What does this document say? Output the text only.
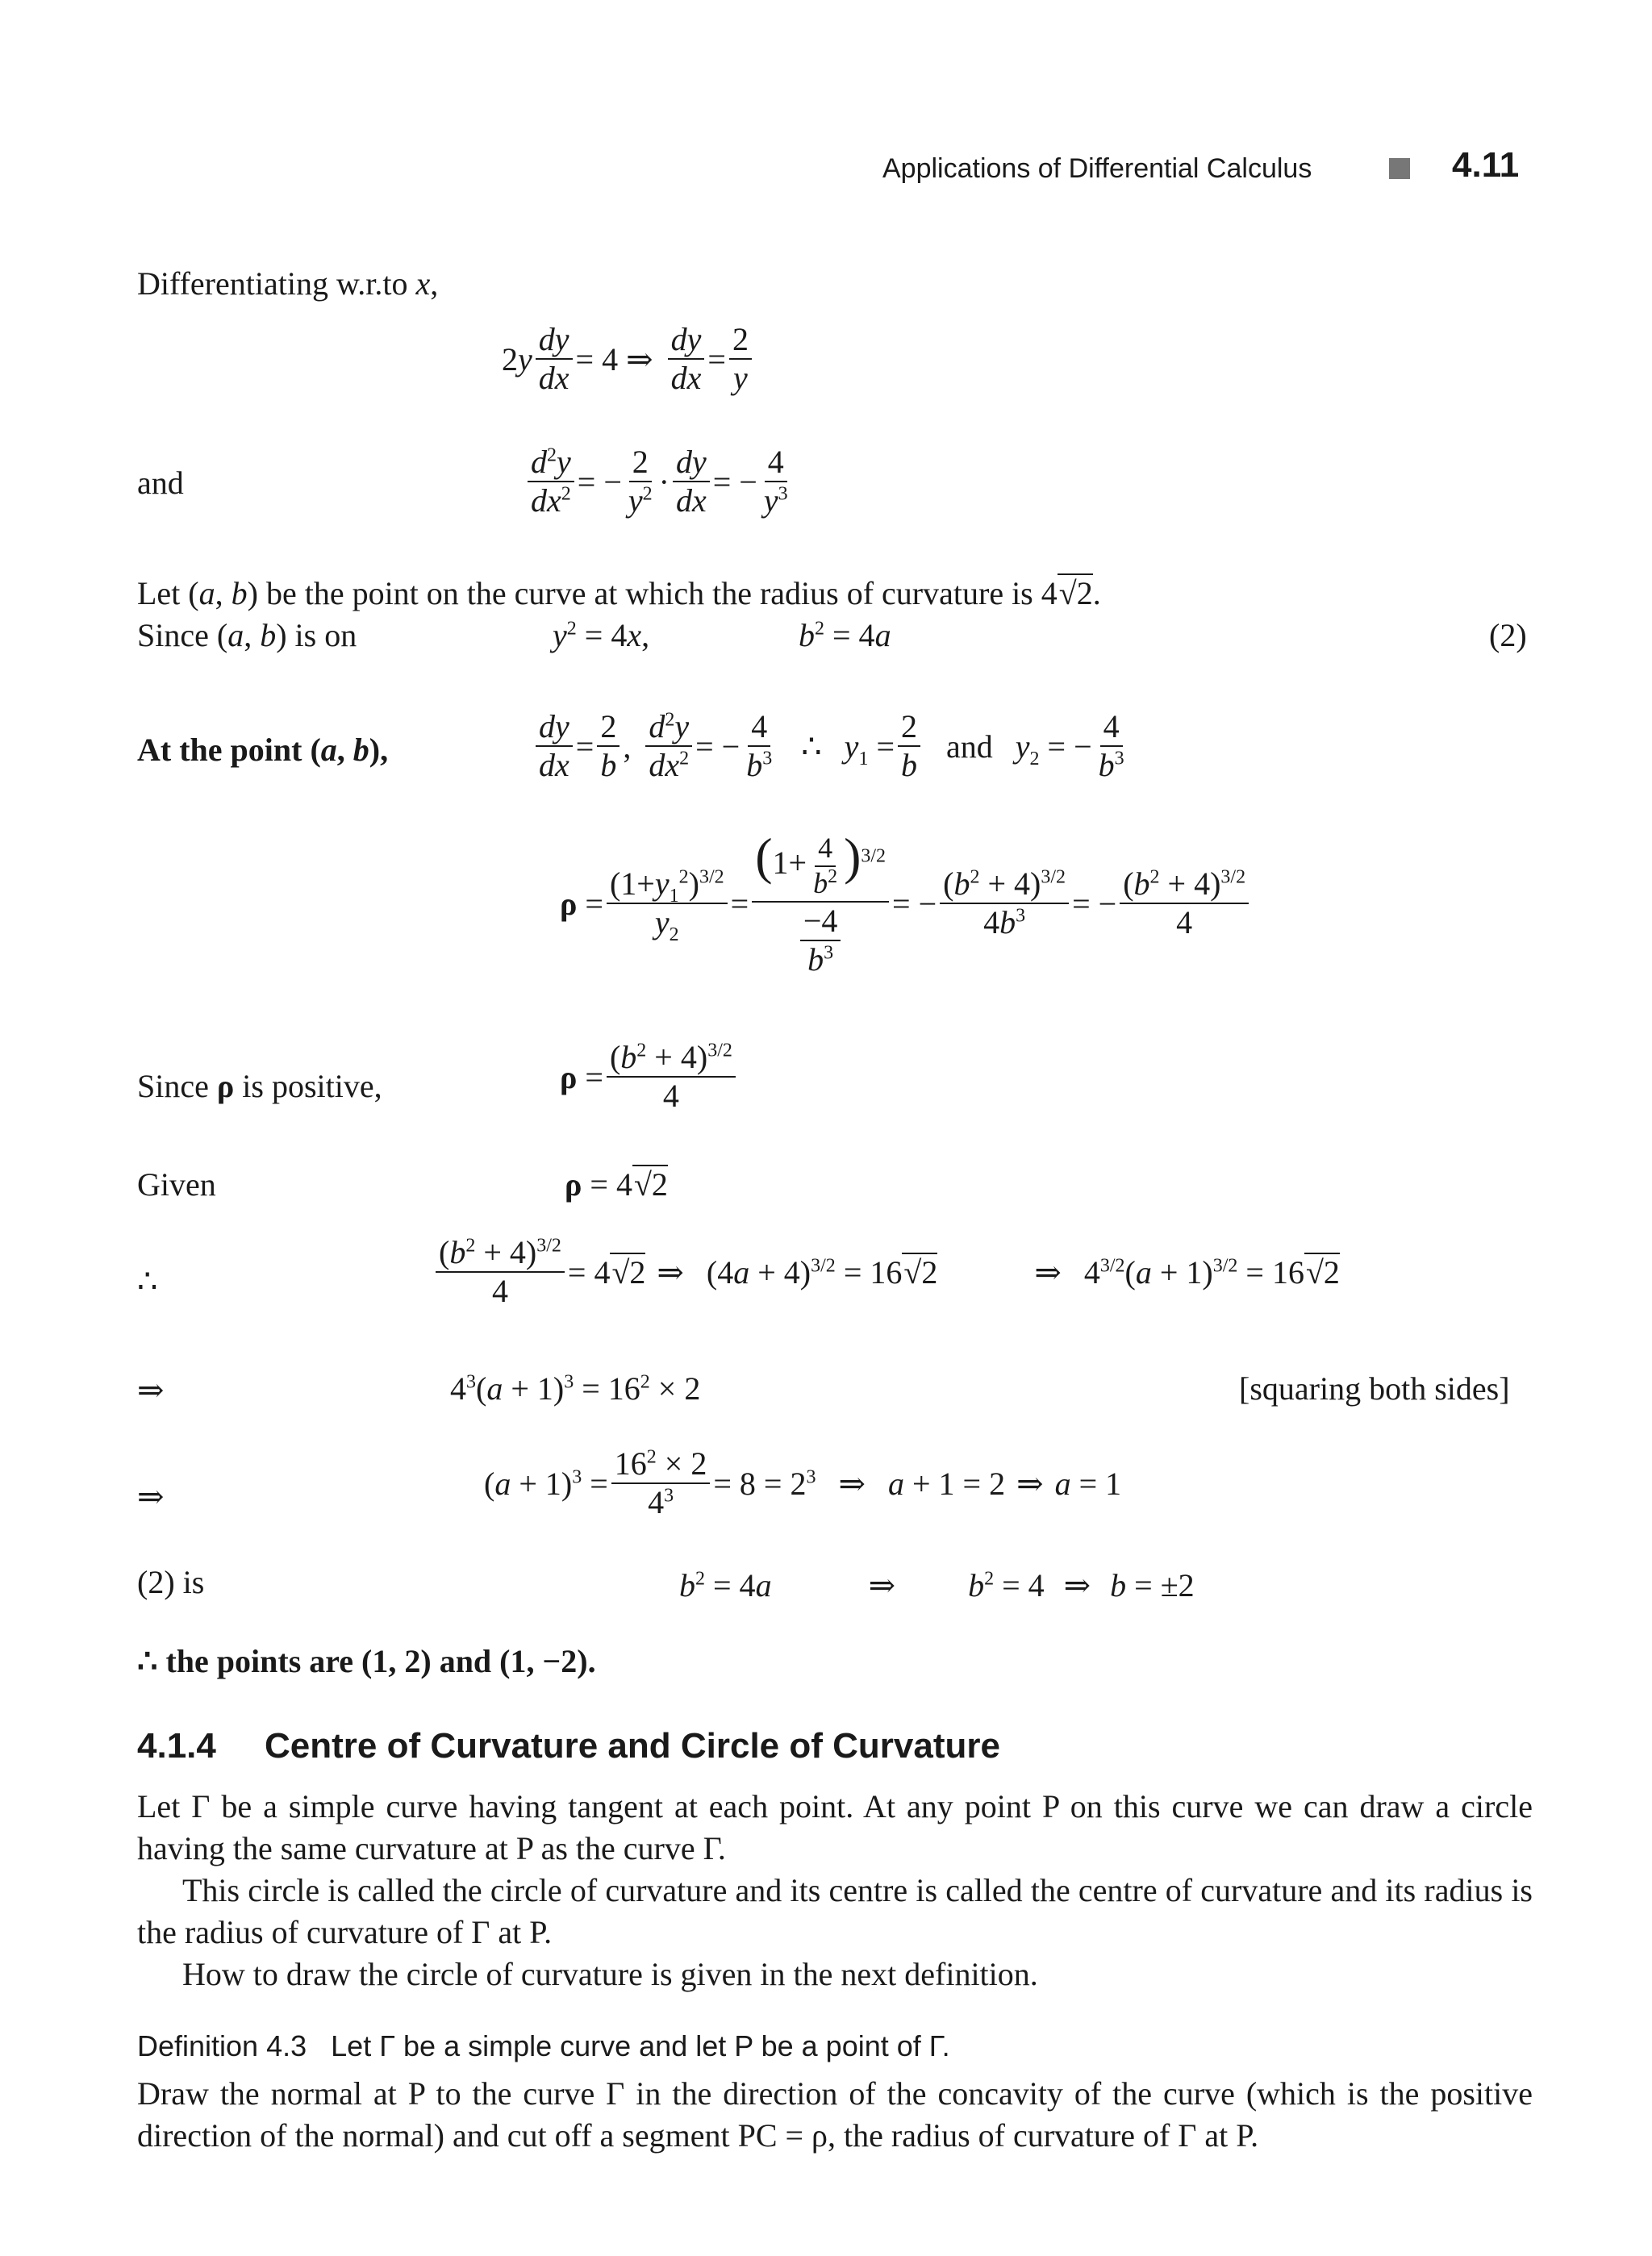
Applications of Differential Calculus	4.11
Differentiating w.r.to x,
$2y \frac{dy}{dx} = 4$ ⇒ $\frac{dy}{dx} = \frac{2}{y}$
and	$\frac{d^2y}{dx^2}$ = − $\frac{2}{y^2} \cdot \frac{dy}{dx}$ = − $\frac{4}{y^3}$
Let (a, b) be the point on the curve at which the radius of curvature is 4√2.
Since (a, b) is on	$y^2 = 4x$,	$b^2 = 4a$	(2)
At the point (a, b),	$\frac{dy}{dx} = \frac{2}{b}$ , $\frac{d^2y}{dx^2}$ = − $\frac{4}{b^3}$ ∴ $y_1 = \frac{2}{b}$ and $y_2$ = − $\frac{4}{b^3}$
$\rho = \frac{(1+y_1^2)^{3/2}}{y_2} = \frac{(1+ \frac{4}{b^2} )^{3/2}}{\frac{-4}{b^3}}$ = − $\frac{(b^2 + 4)^{3/2}}{4b^3}$ = − $\frac{(b^2 + 4)^{3/2}}{4}$
Since ρ is positive,	$\rho = \frac{(b^2 + 4)^{3/2}}{4}$
Given	ρ = 4√2
∴	$\frac{(b^2 + 4)^{3/2}}{4} = 4√2$ ⇒ $(4a + 4)^{3/2} = 16√2$	⇒ $4^{3/2}(a + 1)^{3/2} = 16√2$
⇒	$4^3(a + 1)^3 = 16^2 \times 2$	[squaring both sides]
⇒	$(a + 1)^3 = \frac{16^2 \times 2}{4^3} = 8 = 2^3$ ⇒ a + 1 = 2 ⇒ a = 1
(2) is	$b^2 = 4a$	⇒ $b^2 = 4$ ⇒ b = ±2
∴ the points are (1, 2) and (1, −2).
4.1.4 Centre of Curvature and Circle of Curvature
Let Γ be a simple curve having tangent at each point. At any point P on this curve we can draw a circle having the same curvature at P as the curve Γ.
This circle is called the circle of curvature and its centre is called the centre of curvature and its radius is the radius of curvature of Γ at P.
How to draw the circle of curvature is given in the next definition.
Definition 4.3 Let Γ be a simple curve and let P be a point of Γ.
Draw the normal at P to the curve Γ in the direction of the concavity of the curve (which is the positive direction of the normal) and cut off a segment PC = ρ, the radius of curvature of Γ at P.
